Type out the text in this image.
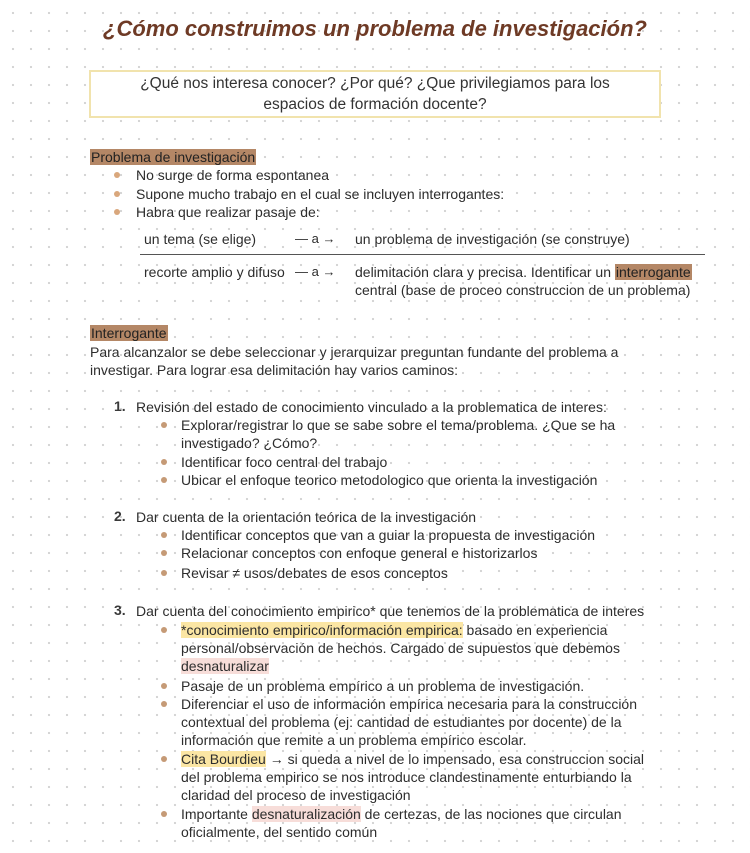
¿Cómo construimos un problema de investigación?
¿Qué nos interesa conocer? ¿Por qué? ¿Que privilegiamos para los
espacios de formación docente?
Problema de investigación
No surge de forma espontanea
Supone mucho trabajo en el cual se incluyen interrogantes:
Habra que realizar pasaje de:
un tema (se elige)	— a → un problema de investigación (se construye)
recorte amplio y difuso — a → delimitación clara y precisa. Identificar un interrogante
central (base de proceo construccion de un problema)
Interrogante
Para alcanzalor se debe seleccionar y jerarquizar preguntan fundante del problema a
investigar. Para lograr esa delimitación hay varios caminos:
1. Revisión del estado de conocimiento vinculado a la problematica de interes:
Explorar/registrar lo que se sabe sobre el tema/problema. ¿Que se ha
investigado? ¿Cómo?
Identificar foco central del trabajo
Ubicar el enfoque teorico metodologico que orienta la investigación
2. Dar cuenta de la orientación teórica de la investigación
Identificar conceptos que van a guiar la propuesta de investigación
Relacionar conceptos con enfoque general e historizarlos
Revisar ≠ usos/debates de esos conceptos
3. Dar cuenta del conocimiento empirico* que tenemos de la problematica de interes
*conocimiento empirico/información empirica: basado en experiencia
personal/observación de hechos. Cargado de supuestos que debemos
desnaturalizar
Pasaje de un problema empírico a un problema de investigación.
Diferenciar el uso de información empírica necesaria para la construcción
contextual del problema (ej: cantidad de estudiantes por docente) de la
información que remite a un problema empírico escolar.
Cita Bourdieu → si queda a nivel de lo impensado, esa construccion social
del problema empirico se nos introduce clandestinamente enturbiando la
claridad del proceso de investigación
Importante desnaturalización de certezas, de las nociones que circulan
oficialmente, del sentido común
